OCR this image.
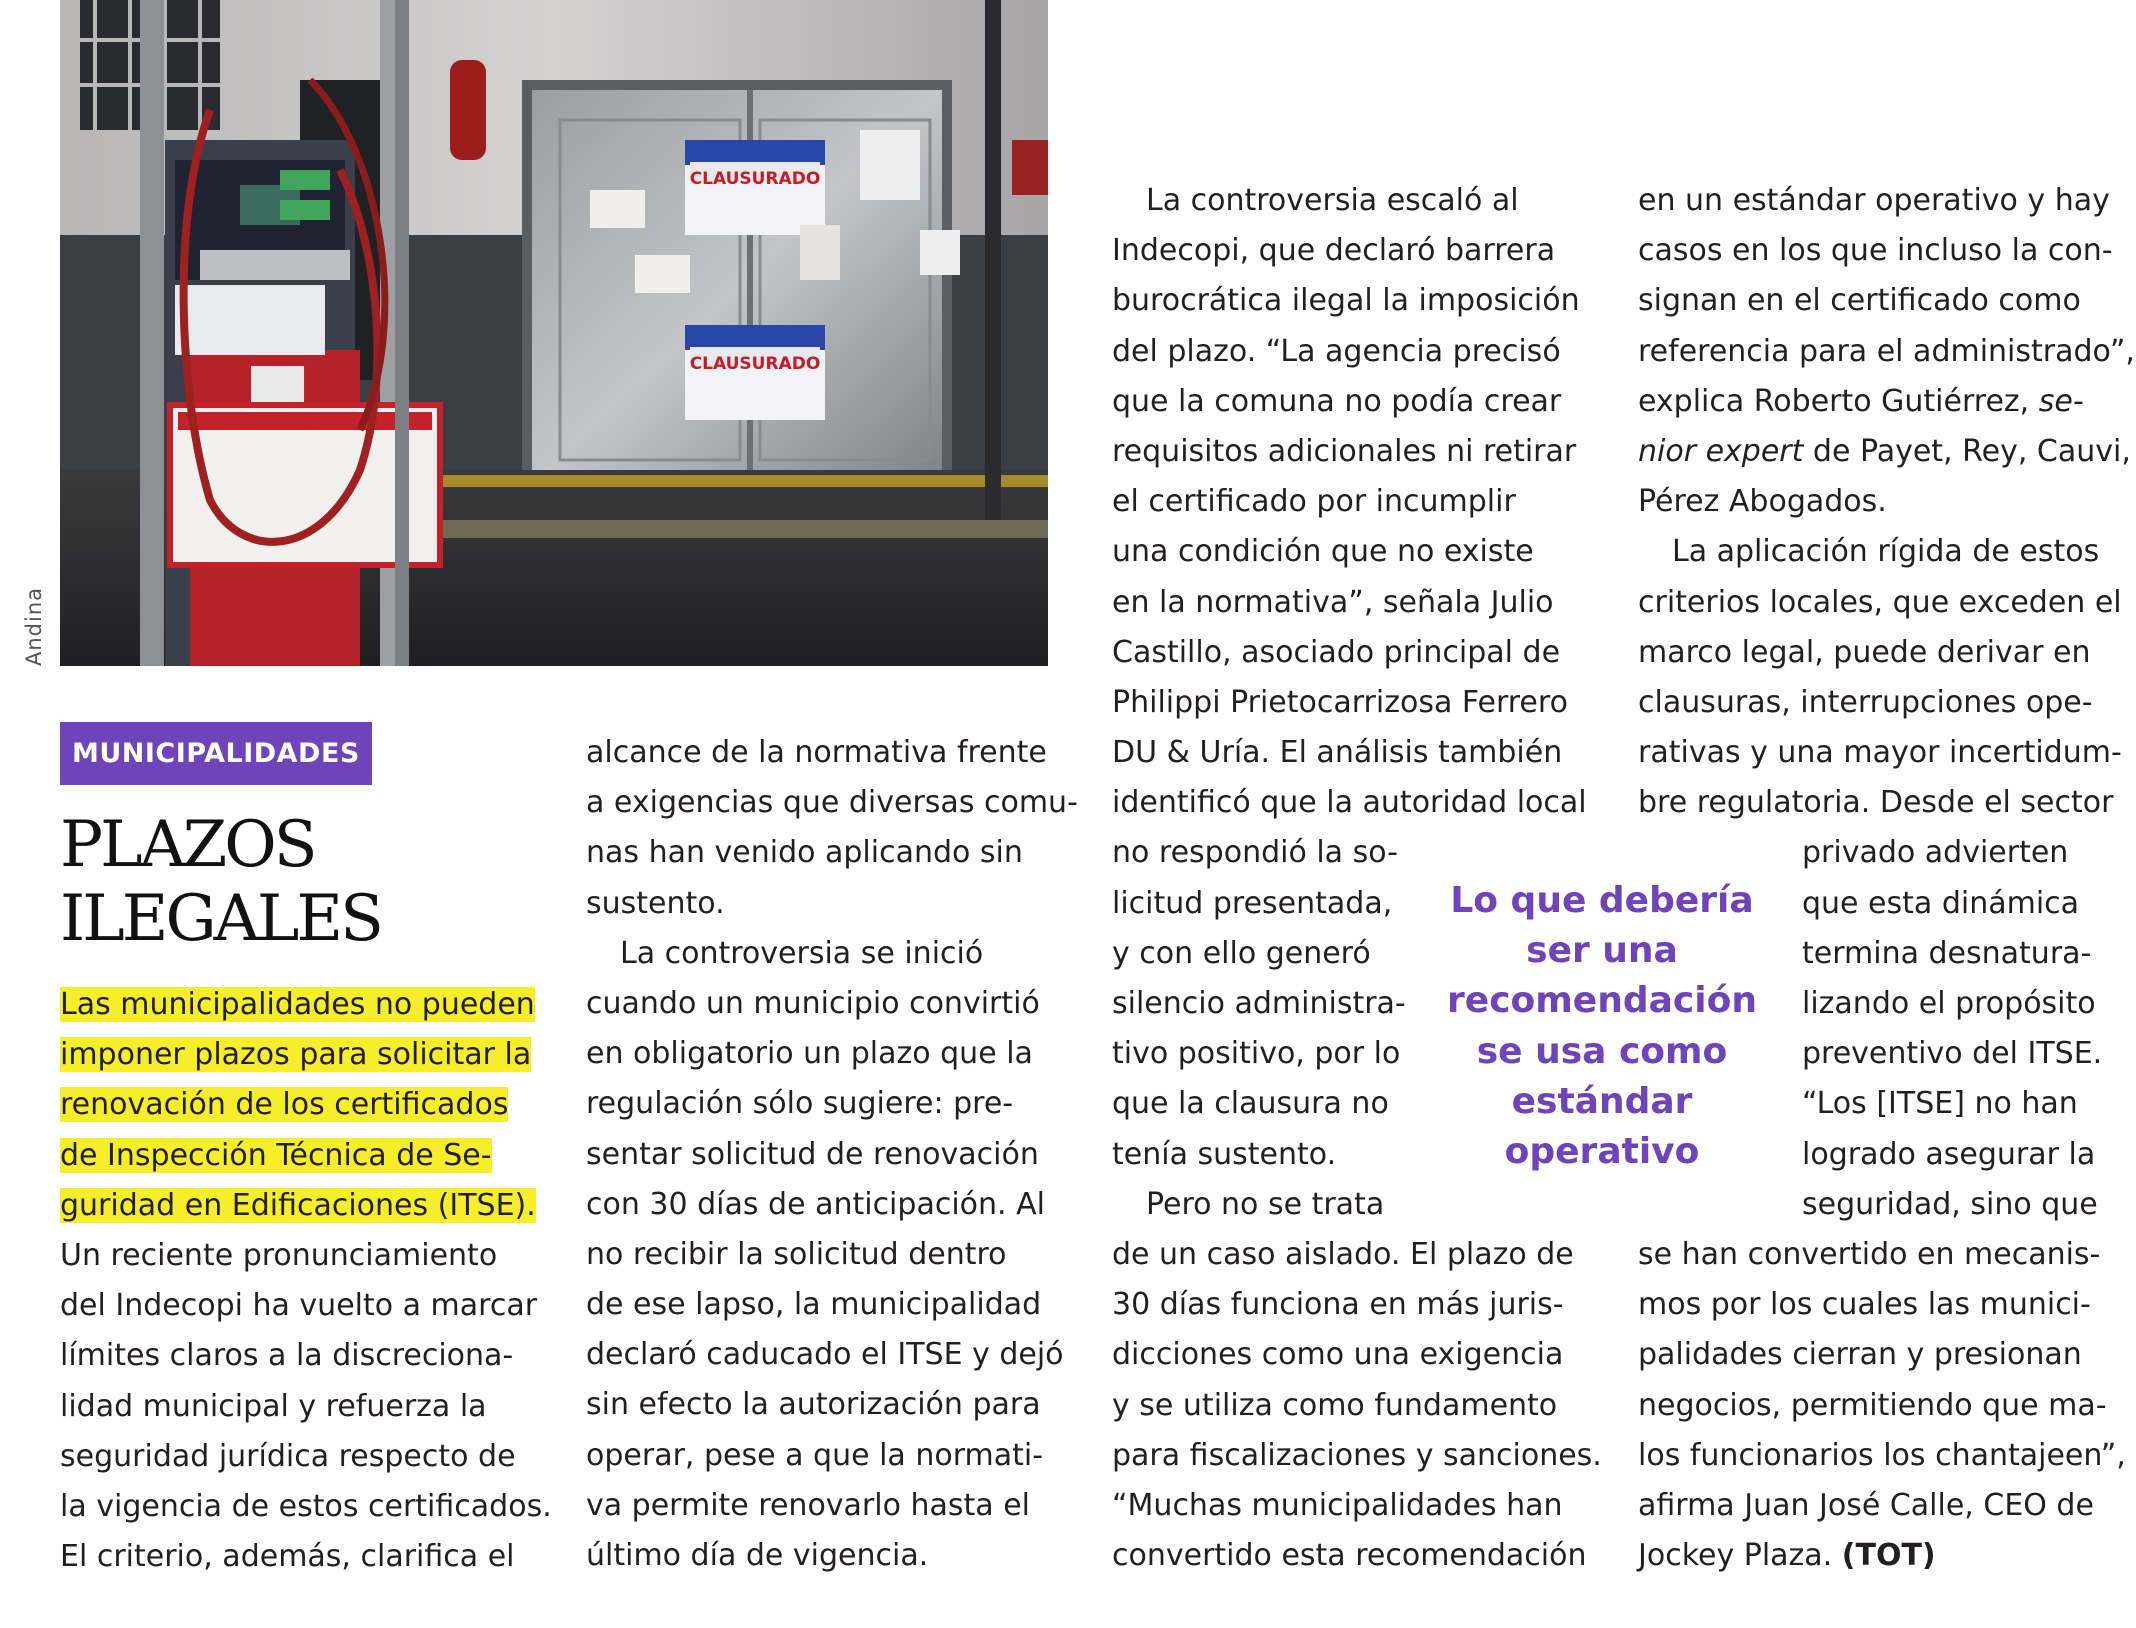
CLAUSURADO
CLAUSURADO
Andina
MUNICIPALIDADES
PLAZOS
ILEGALES
Las municipalidades no pueden
imponer plazos para solicitar la
renovación de los certificados
de Inspección Técnica de Se-
guridad en Edificaciones (ITSE).
Un reciente pronunciamiento
del Indecopi ha vuelto a marcar
límites claros a la discreciona-
lidad municipal y refuerza la
seguridad jurídica respecto de
la vigencia de estos certificados.
El criterio, además, clarifica el
alcance de la normativa frente
a exigencias que diversas comu-
nas han venido aplicando sin
sustento.
La controversia se inició
cuando un municipio convirtió
en obligatorio un plazo que la
regulación sólo sugiere: pre-
sentar solicitud de renovación
con 30 días de anticipación. Al
no recibir la solicitud dentro
de ese lapso, la municipalidad
declaró caducado el ITSE y dejó
sin efecto la autorización para
operar, pese a que la normati-
va permite renovarlo hasta el
último día de vigencia.
La controversia escaló al
Indecopi, que declaró barrera
burocrática ilegal la imposición
del plazo. “La agencia precisó
que la comuna no podía crear
requisitos adicionales ni retirar
el certificado por incumplir
una condición que no existe
en la normativa”, señala Julio
Castillo, asociado principal de
Philippi Prietocarrizosa Ferrero
DU & Uría. El análisis también
identificó que la autoridad local
no respondió la so-
licitud presentada,
y con ello generó
silencio administra-
tivo positivo, por lo
que la clausura no
tenía sustento.
Pero no se trata
de un caso aislado. El plazo de
30 días funciona en más juris-
dicciones como una exigencia
y se utiliza como fundamento
para fiscalizaciones y sanciones.
“Muchas municipalidades han
convertido esta recomendación
Lo que debería
ser una
recomendación
se usa como
estándar
operativo
en un estándar operativo y hay
casos en los que incluso la con-
signan en el certificado como
referencia para el administrado”,
explica Roberto Gutiérrez, se-
nior expert de Payet, Rey, Cauvi,
Pérez Abogados.
La aplicación rígida de estos
criterios locales, que exceden el
marco legal, puede derivar en
clausuras, interrupciones ope-
rativas y una mayor incertidum-
bre regulatoria. Desde el sector
privado advierten
que esta dinámica
termina desnatura-
lizando el propósito
preventivo del ITSE.
“Los [ITSE] no han
logrado asegurar la
seguridad, sino que
se han convertido en mecanis-
mos por los cuales las munici-
palidades cierran y presionan
negocios, permitiendo que ma-
los funcionarios los chantajeen”,
afirma Juan José Calle, CEO de
Jockey Plaza. (TOT)
